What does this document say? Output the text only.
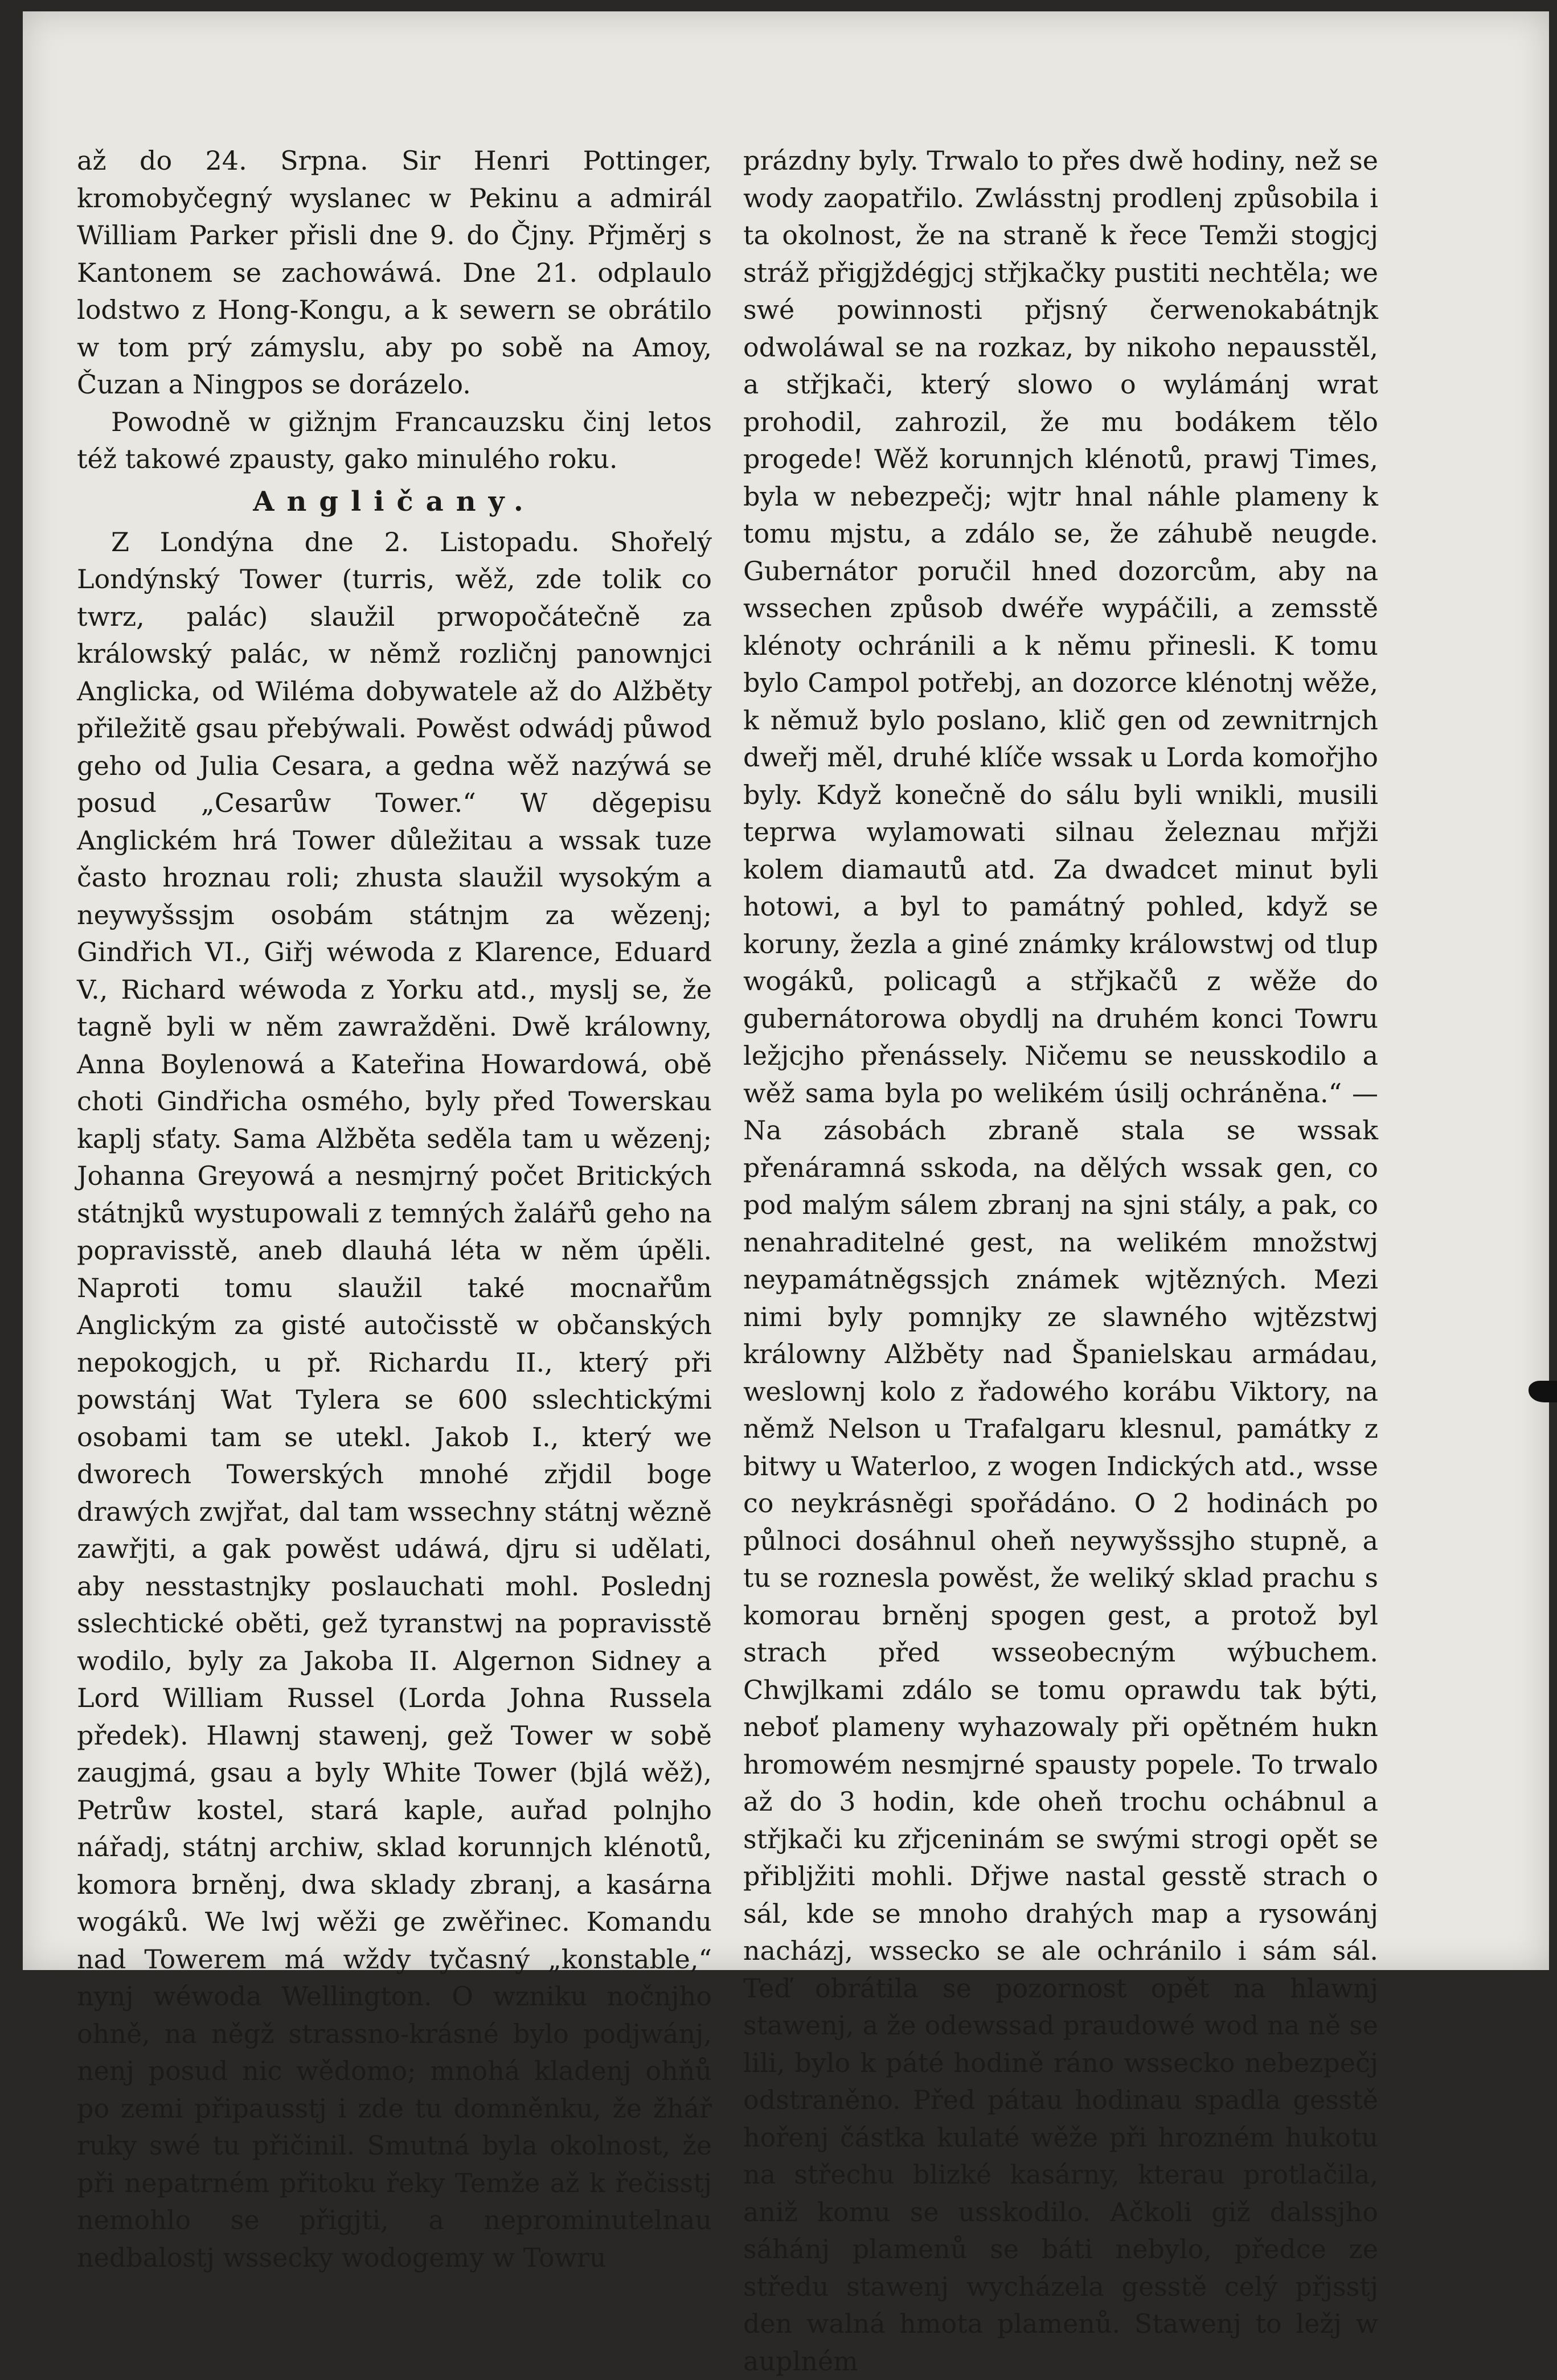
až do 24. Srpna. Sir Henri Pottinger, kromobyčegný wyslanec w Pekinu a admirál William Parker přisli dne 9. do Čjny. Přjměrj s Kantonem se zachowáwá. Dne 21. odplaulo lodstwo z Hong-Kongu, a k sewern se obrátilo w tom prý zámyslu, aby po sobě na Amoy, Čuzan a Ningpos se dorázelo.

Powodně w gižnjm Francauzsku činj letos též takowé zpausty, gako minulého roku.

Angličany.

Z Londýna dne 2. Listopadu. Shořelý Londýnský Tower (turris, wěž, zde tolik co twrz, palác) slaužil prwopočátečně za králowský palác, w němž rozličnj panownjci Anglicka, od Wiléma dobywatele až do Alžběty přiležitě gsau přebýwali. Powěst odwádj půwod geho od Julia Cesara, a gedna wěž nazýwá se posud „Cesarůw Tower.“ W děgepisu Anglickém hrá Tower důležitau a wssak tuze často hroznau roli; zhusta slaužil wysokým a neywyšssjm osobám státnjm za wězenj; Gindřich VI., Giřj wéwoda z Klarence, Eduard V., Richard wéwoda z Yorku atd., myslj se, že tagně byli w něm zawražděni. Dwě králowny, Anna Boylenowá a Kateřina Howardowá, obě choti Gindřicha osmého, byly před Towerskau kaplj sťaty. Sama Alžběta seděla tam u wězenj; Johanna Greyowá a nesmjrný počet Britických státnjků wystupowali z temných žalářů geho na popravisstě, aneb dlauhá léta w něm úpěli. Naproti tomu slaužil také mocnařům Anglickým za gisté autočisstě w občanských nepokogjch, u př. Richardu II., který při powstánj Wat Tylera se 600 sslechtickými osobami tam se utekl. Jakob I., který we dworech Towerských mnohé zřjdil boge drawých zwjřat, dal tam wssechny státnj wězně zawřjti, a gak powěst udáwá, djru si udělati, aby nesstastnjky poslauchati mohl. Poslednj sslechtické oběti, gež tyranstwj na popravisstě wodilo, byly za Jakoba II. Algernon Sidney a Lord William Russel (Lorda Johna Russela předek). Hlawnj stawenj, gež Tower w sobě zaugjmá, gsau a byly White Tower (bjlá wěž), Petrůw kostel, stará kaple, auřad polnjho nářadj, státnj archiw, sklad korunnjch klénotů, komora brněnj, dwa sklady zbranj, a kasárna wogáků. We lwj wěži ge zwěřinec. Komandu nad Towerem má wždy tyčasný „konstable,“ nynj wéwoda Wellington. O wzniku nočnjho ohně, na něgž strassno-krásné bylo podjwánj, nenj posud nic wědomo; mnohá kladenj ohňů po zemi připausstj i zde tu domněnku, že žhář ruky swé tu přičinil. Smutná byla okolnost, že při nepatrném přitoku řeky Temže až k řečisstj nemohlo se přigjti, a neprominutelnau nedbalostj wssecky wodogemy w Towru

prázdny byly. Trwalo to přes dwě hodiny, než se wody zaopatřilo. Zwlásstnj prodlenj způsobila i ta okolnost, že na straně k řece Temži stogjcj stráž přigjždégjcj střjkačky pustiti nechtěla; we swé powinnosti přjsný čerwenokabátnjk odwoláwal se na rozkaz, by nikoho nepausstěl, a střjkači, který slowo o wylámánj wrat prohodil, zahrozil, že mu bodákem tělo progede! Wěž korunnjch klénotů, prawj Times, byla w nebezpečj; wjtr hnal náhle plameny k tomu mjstu, a zdálo se, že záhubě neugde. Gubernátor poručil hned dozorcům, aby na wssechen způsob dwéře wypáčili, a zemsstě klénoty ochránili a k němu přinesli. K tomu bylo Campol potřebj, an dozorce klénotnj wěže, k němuž bylo poslano, klič gen od zewnitrnjch dweřj měl, druhé klíče wssak u Lorda komořjho byly. Když konečně do sálu byli wnikli, musili teprwa wylamowati silnau železnau mřjži kolem diamautů atd. Za dwadcet minut byli hotowi, a byl to památný pohled, když se koruny, žezla a giné známky králowstwj od tlup wogáků, policagů a střjkačů z wěže do gubernátorowa obydlj na druhém konci Towru ležjcjho přenássely. Ničemu se neusskodilo a wěž sama byla po welikém úsilj ochráněna.“ — Na zásobách zbraně stala se wssak přenáramná sskoda, na dělých wssak gen, co pod malým sálem zbranj na sjni stály, a pak, co nenahraditelné gest, na welikém množstwj neypamátněgssjch známek wjtězných. Mezi nimi byly pomnjky ze slawného wjtězstwj králowny Alžběty nad Španielskau armádau, weslownj kolo z řadowého korábu Viktory, na němž Nelson u Trafalgaru klesnul, památky z bitwy u Waterloo, z wogen Indických atd., wsse co neykrásněgi spořádáno. O 2 hodinách po půlnoci dosáhnul oheň neywyšssjho stupně, a tu se roznesla powěst, že weliký sklad prachu s komorau brněnj spogen gest, a protož byl strach před wsseobecným wýbuchem. Chwjlkami zdálo se tomu oprawdu tak býti, neboť plameny wyhazowaly při opětném hukn hromowém nesmjrné spausty popele. To trwalo až do 3 hodin, kde oheň trochu ochábnul a střjkači ku zřjceninám se swými strogi opět se přiblјžiti mohli. Dřjwe nastal gesstě strach o sál, kde se mnoho drahých map a rysowánj nacházj, wssecko se ale ochránilo i sám sál. Teď obrátila se pozornost opět na hlawnj stawenj, a že odewssad praudowé wod na ně se lili, bylo k páté hodině ráno wssecko nebezpečj odstraněno. Před pátau hodinau spadla gesstě hořenj částka kulaté wěže při hrozném hukotu na střechu blizké kasárny, kterau protlačila, aniž komu se usskodilo. Ačkoli giž dalssjho sáhánj plamenů se báti nebylo, předce ze středu stawenj wycházela gesstě celý přjsstj den walná hmota plamenů. Stawenj to ležj w auplném
